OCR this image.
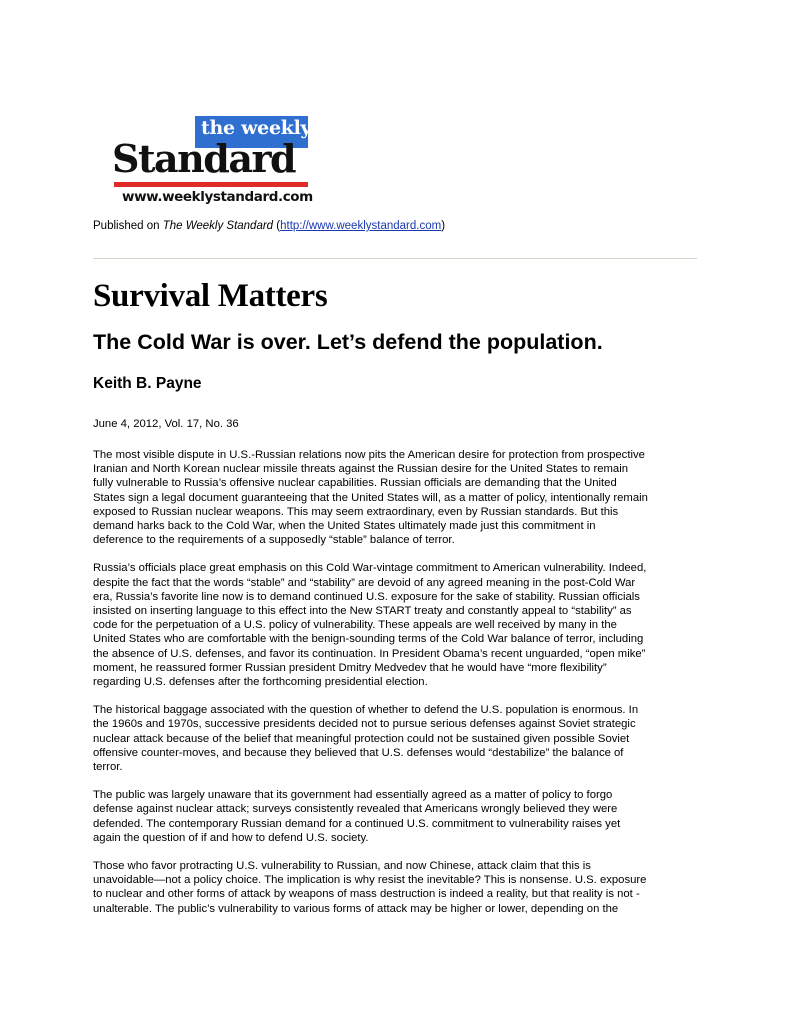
the weekly
Standard
www.weeklystandard.com
Published on The Weekly Standard (http://www.weeklystandard.com)
Survival Matters
The Cold War is over. Let’s defend the population.
Keith B. Payne
June 4, 2012, Vol. 17, No. 36

The most visible dispute in U.S.-Russian relations now pits the American desire for protection from prospective
Iranian and North Korean nuclear missile threats against the Russian desire for the United States to remain
fully vulnerable to Russia’s offensive nuclear capabilities. Russian officials are demanding that the United
States sign a legal document guaranteeing that the United States will, as a matter of policy, intentionally remain
exposed to Russian nuclear weapons. This may seem extraordinary, even by Russian standards. But this
demand harks back to the Cold War, when the United States ultimately made just this commitment in
deference to the requirements of a supposedly “stable” balance of terror.

Russia’s officials place great emphasis on this Cold War-vintage commitment to American vulnerability. Indeed,
despite the fact that the words “stable” and “stability” are devoid of any agreed meaning in the post-Cold War
era, Russia’s favorite line now is to demand continued U.S. exposure for the sake of stability. Russian officials
insisted on inserting language to this effect into the New START treaty and constantly appeal to “stability” as
code for the perpetuation of a U.S. policy of vulnerability. These appeals are well received by many in the
United States who are comfortable with the benign-sounding terms of the Cold War balance of terror, including
the absence of U.S. defenses, and favor its continuation. In President Obama’s recent unguarded, “open mike”
moment, he reassured former Russian president Dmitry Medvedev that he would have “more flexibility”
regarding U.S. defenses after the forthcoming presidential election.

The historical baggage associated with the question of whether to defend the U.S. population is enormous. In
the 1960s and 1970s, successive presidents decided not to pursue serious defenses against Soviet strategic
nuclear attack because of the belief that meaningful protection could not be sustained given possible Soviet
offensive counter-moves, and because they believed that U.S. defenses would “destabilize” the balance of
terror.

The public was largely unaware that its government had essentially agreed as a matter of policy to forgo
defense against nuclear attack; surveys consistently revealed that Americans wrongly believed they were
defended. The contemporary Russian demand for a continued U.S. commitment to vulnerability raises yet
again the question of if and how to defend U.S. society.

Those who favor protracting U.S. vulnerability to Russian, and now Chinese, attack claim that this is
unavoidable—not a policy choice. The implication is why resist the inevitable? This is nonsense. U.S. exposure
to nuclear and other forms of attack by weapons of mass destruction is indeed a reality, but that reality is not -
unalterable. The public’s vulnerability to various forms of attack may be higher or lower, depending on the
